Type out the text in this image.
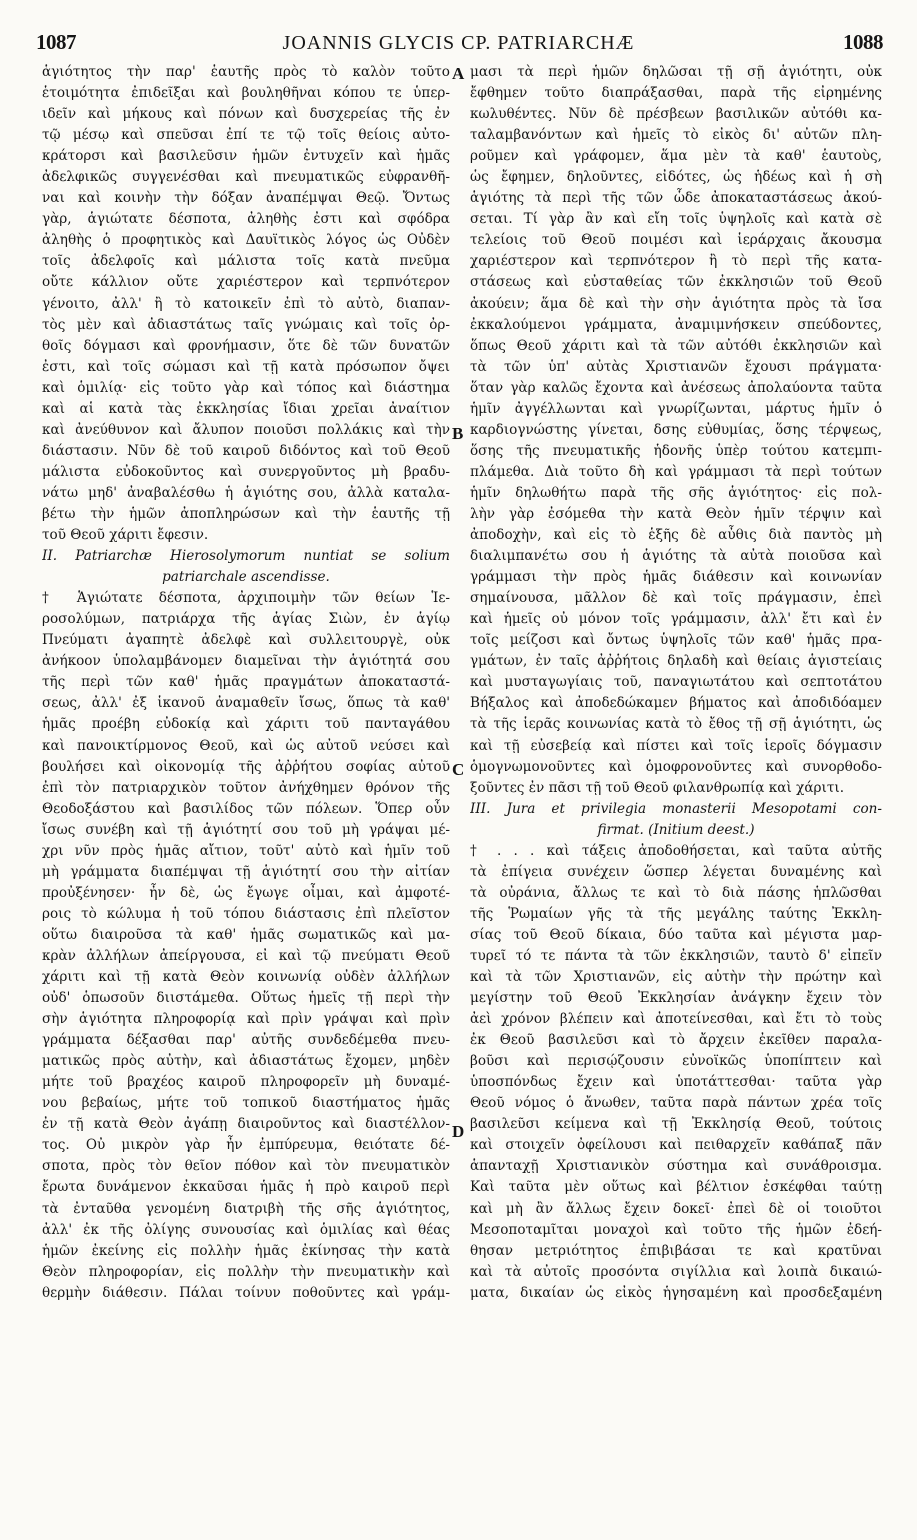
1087	JOANNIS GLYCIS CP. PATRIARCHÆ	1088
A
B
C
D
ἁγιότητος τὴν παρ' ἑαυτῆς πρὸς τὸ καλὸν τοῦτο
ἑτοιμότητα ἐπιδεῖξαι καὶ βουληθῆναι κόπου τε ὑπερ-
ιδεῖν καὶ μήκους καὶ πόνων καὶ δυσχερείας τῆς ἐν
τῷ μέσῳ καὶ σπεῦσαι ἐπί τε τῷ τοῖς θείοις αὐτο-
κράτορσι καὶ βασιλεῦσιν ἡμῶν ἐντυχεῖν καὶ ἡμᾶς
ἀδελφικῶς συγγενέσθαι καὶ πνευματικῶς εὐφρανθῆ-
ναι καὶ κοινὴν τὴν δόξαν ἀναπέμψαι Θεῷ. Ὄντως
γὰρ, ἁγιώτατε δέσποτα, ἀληθὴς ἐστι καὶ σφόδρα
ἀληθὴς ὁ προφητικὸς καὶ Δαυϊτικὸς λόγος ὡς Οὐδὲν
τοῖς ἀδελφοῖς καὶ μάλιστα τοῖς κατὰ πνεῦμα
οὔτε κάλλιον οὔτε χαριέστερον καὶ τερπνότερον
γένοιτο, ἀλλ' ἢ τὸ κατοικεῖν ἐπὶ τὸ αὐτὸ, διαπαν-
τὸς μὲν καὶ ἀδιαστάτως ταῖς γνώμαις καὶ τοῖς ὀρ-
θοῖς δόγμασι καὶ φρονήμασιν, ὅτε δὲ τῶν δυνατῶν
ἐστι, καὶ τοῖς σώμασι καὶ τῇ κατὰ πρόσωπον ὄψει
καὶ ὁμιλίᾳ· εἰς τοῦτο γὰρ καὶ τόπος καὶ διάστημα
καὶ αἱ κατὰ τὰς ἐκκλησίας ἴδιαι χρεῖαι ἀναίτιον
καὶ ἀνεύθυνον καὶ ἄλυπον ποιοῦσι πολλάκις καὶ τὴν
διάστασιν. Νῦν δὲ τοῦ καιροῦ διδόντος καὶ τοῦ Θεοῦ
μάλιστα εὐδοκοῦντος καὶ συνεργοῦντος μὴ βραδυ-
νάτω μηδ' ἀναβαλέσθω ἡ ἁγιότης σου, ἀλλὰ καταλα-
βέτω τὴν ἡμῶν ἀποπληρώσων καὶ τὴν ἑαυτῆς τῇ
τοῦ Θεοῦ χάριτι ἔφεσιν.
II. Patriarchæ Hierosolymorum nuntiat se solium
patriarchale ascendisse.
† Ἁγιώτατε δέσποτα, ἀρχιποιμὴν τῶν θείων Ἱε-
ροσολύμων, πατριάρχα τῆς ἁγίας Σιὼν, ἐν ἁγίῳ
Πνεύματι ἀγαπητὲ ἀδελφὲ καὶ συλλειτουργὲ, οὐκ
ἀνήκοον ὑπολαμβάνομεν διαμεῖναι τὴν ἁγιότητά σου
τῆς περὶ τῶν καθ' ἡμᾶς πραγμάτων ἀποκαταστά-
σεως, ἀλλ' ἐξ ἱκανοῦ ἀναμαθεῖν ἴσως, ὅπως τὰ καθ'
ἡμᾶς προέβη εὐδοκίᾳ καὶ χάριτι τοῦ πανταγάθου
καὶ πανοικτίρμονος Θεοῦ, καὶ ὡς αὐτοῦ νεύσει καὶ
βουλήσει καὶ οἰκονομίᾳ τῆς ἀῤῥήτου σοφίας αὐτοῦ
ἐπὶ τὸν πατριαρχικὸν τοῦτον ἀνήχθημεν θρόνον τῆς
Θεοδοξάστου καὶ βασιλίδος τῶν πόλεων. Ὅπερ οὖν
ἴσως συνέβη καὶ τῇ ἁγιότητί σου τοῦ μὴ γράψαι μέ-
χρι νῦν πρὸς ἡμᾶς αἴτιον, τοῦτ' αὐτὸ καὶ ἡμῖν τοῦ
μὴ γράμματα διαπέμψαι τῇ ἁγιότητί σου τὴν αἰτίαν
προὐξένησεν· ἦν δὲ, ὡς ἔγωγε οἶμαι, καὶ ἀμφοτέ-
ροις τὸ κώλυμα ἡ τοῦ τόπου διάστασις ἐπὶ πλεῖστον
οὕτω διαιροῦσα τὰ καθ' ἡμᾶς σωματικῶς καὶ μα-
κρὰν ἀλλήλων ἀπείργουσα, εἰ καὶ τῷ πνεύματι Θεοῦ
χάριτι καὶ τῇ κατὰ Θεὸν κοινωνίᾳ οὐδὲν ἀλλήλων
οὐδ' ὁπωσοῦν διιστάμεθα. Οὕτως ἡμεῖς τῇ περὶ τὴν
σὴν ἁγιότητα πληροφορίᾳ καὶ πρὶν γράψαι καὶ πρὶν
γράμματα δέξασθαι παρ' αὐτῆς συνδεδέμεθα πνευ-
ματικῶς πρὸς αὐτὴν, καὶ ἀδιαστάτως ἔχομεν, μηδὲν
μήτε τοῦ βραχέος καιροῦ πληροφορεῖν μὴ δυναμέ-
νου βεβαίως, μήτε τοῦ τοπικοῦ διαστήματος ἡμᾶς
ἐν τῇ κατὰ Θεὸν ἀγάπῃ διαιροῦντος καὶ διαστέλλον-
τος. Οὐ μικρὸν γὰρ ἦν ἐμπύρευμα, θειότατε δέ-
σποτα, πρὸς τὸν θεῖον πόθον καὶ τὸν πνευματικὸν
ἔρωτα δυνάμενον ἐκκαῦσαι ἡμᾶς ἡ πρὸ καιροῦ περὶ
τὰ ἐνταῦθα γενομένη διατριβὴ τῆς σῆς ἁγιότητος,
ἀλλ' ἐκ τῆς ὀλίγης συνουσίας καὶ ὁμιλίας καὶ θέας
ἡμῶν ἐκείνης εἰς πολλὴν ἡμᾶς ἐκίνησας τὴν κατὰ
Θεὸν πληροφορίαν, εἰς πολλὴν τὴν πνευματικὴν καὶ
θερμὴν διάθεσιν. Πάλαι τοίνυν ποθοῦντες καὶ γράμ-
μασι τὰ περὶ ἡμῶν δηλῶσαι τῇ σῇ ἁγιότητι, οὐκ
ἔφθημεν τοῦτο διαπράξασθαι, παρὰ τῆς εἰρημένης
κωλυθέντες. Νῦν δὲ πρέσβεων βασιλικῶν αὐτόθι κα-
ταλαμβανόντων καὶ ἡμεῖς τὸ εἰκὸς δι' αὐτῶν πλη-
ροῦμεν καὶ γράφομεν, ἅμα μὲν τὰ καθ' ἑαυτοὺς,
ὡς ἔφημεν, δηλοῦντες, εἰδότες, ὡς ἡδέως καὶ ἡ σὴ
ἁγιότης τὰ περὶ τῆς τῶν ὧδε ἀποκαταστάσεως ἀκού-
σεται. Τί γὰρ ἂν καὶ εἴη τοῖς ὑψηλοῖς καὶ κατὰ σὲ
τελείοις τοῦ Θεοῦ ποιμέσι καὶ ἱεράρχαις ἄκουσμα
χαριέστερον καὶ τερπνότερον ἢ τὸ περὶ τῆς κατα-
στάσεως καὶ εὐσταθείας τῶν ἐκκλησιῶν τοῦ Θεοῦ
ἀκούειν; ἅμα δὲ καὶ τὴν σὴν ἁγιότητα πρὸς τὰ ἴσα
ἐκκαλούμενοι γράμματα, ἀναμιμνήσκειν σπεύδοντες,
ὅπως Θεοῦ χάριτι καὶ τὰ τῶν αὐτόθι ἐκκλησιῶν καὶ
τὰ τῶν ὑπ' αὐτὰς Χριστιανῶν ἔχουσι πράγματα·
ὅταν γὰρ καλῶς ἔχοντα καὶ ἀνέσεως ἀπολαύοντα ταῦτα
ἡμῖν ἀγγέλλωνται καὶ γνωρίζωνται, μάρτυς ἡμῖν ὁ
καρδιογνώστης γίνεται, δσης εὐθυμίας, ὅσης τέρψεως,
ὅσης τῆς πνευματικῆς ἡδονῆς ὑπὲρ τούτου κατεμπι-
πλάμεθα. Διὰ τοῦτο δὴ καὶ γράμμασι τὰ περὶ τούτων
ἡμῖν δηλωθήτω παρὰ τῆς σῆς ἁγιότητος· εἰς πολ-
λὴν γὰρ ἐσόμεθα τὴν κατὰ Θεὸν ἡμῖν τέρψιν καὶ
ἀποδοχὴν, καὶ εἰς τὸ ἑξῆς δὲ αὖθις διὰ παντὸς μὴ
διαλιμπανέτω σου ἡ ἁγιότης τὰ αὐτὰ ποιοῦσα καὶ
γράμμασι τὴν πρὸς ἡμᾶς διάθεσιν καὶ κοινωνίαν
σημαίνουσα, μᾶλλον δὲ καὶ τοῖς πράγμασιν, ἐπεὶ
καὶ ἡμεῖς οὐ μόνον τοῖς γράμμασιν, ἀλλ' ἔτι καὶ ἐν
τοῖς μείζοσι καὶ ὄντως ὑψηλοῖς τῶν καθ' ἡμᾶς πρα-
γμάτων, ἐν ταῖς ἀῤῥήτοις δηλαδὴ καὶ θείαις ἁγιστείαις
καὶ μυσταγωγίαις τοῦ, παναγιωτάτου καὶ σεπτοτάτου
Βήξαλος καὶ ἀποδεδώκαμεν βήματος καὶ ἀποδιδόαμεν
τὰ τῆς ἱερᾶς κοινωνίας κατὰ τὸ ἔθος τῇ σῇ ἁγιότητι, ὡς
καὶ τῇ εὐσεβείᾳ καὶ πίστει καὶ τοῖς ἱεροῖς δόγμασιν
ὁμογνωμονοῦντες καὶ ὁμοφρονοῦντες καὶ συνορθοδο-
ξοῦντες ἐν πᾶσι τῇ τοῦ Θεοῦ φιλανθρωπίᾳ καὶ χάριτι.
III. Jura et privilegia monasterii Mesopotami con-
firmat. (Initium deest.)
† . . . καὶ τάξεις ἀποδοθήσεται, καὶ ταῦτα αὐτῆς
τὰ ἐπίγεια συνέχειν ὥσπερ λέγεται δυναμένης καὶ
τὰ οὐράνια, ἄλλως τε καὶ τὸ διὰ πάσης ἡπλῶσθαι
τῆς Ῥωμαίων γῆς τὰ τῆς μεγάλης ταύτης Ἐκκλη-
σίας τοῦ Θεοῦ δίκαια, δύο ταῦτα καὶ μέγιστα μαρ-
τυρεῖ τό τε πάντα τὰ τῶν ἐκκλησιῶν, ταυτὸ δ' εἰπεῖν
καὶ τὰ τῶν Χριστιανῶν, εἰς αὐτὴν τὴν πρώτην καὶ
μεγίστην τοῦ Θεοῦ Ἐκκλησίαν ἀνάγκην ἔχειν τὸν
ἀεὶ χρόνον βλέπειν καὶ ἀποτείνεσθαι, καὶ ἔτι τὸ τοὺς
ἐκ Θεοῦ βασιλεῦσι καὶ τὸ ἄρχειν ἐκεῖθεν παραλα-
βοῦσι καὶ περισῴζουσιν εὐνοϊκῶς ὑποπίπτειν καὶ
ὑποσπόνδως ἔχειν καὶ ὑποτάττεσθαι· ταῦτα γὰρ
Θεοῦ νόμος ὁ ἄνωθεν, ταῦτα παρὰ πάντων χρέα τοῖς
βασιλεῦσι κείμενα καὶ τῇ Ἐκκλησίᾳ Θεοῦ, τούτοις
καὶ στοιχεῖν ὀφείλουσι καὶ πειθαρχεῖν καθάπαξ πᾶν
ἁπανταχῇ Χριστιανικὸν σύστημα καὶ συνάθροισμα.
Καὶ ταῦτα μὲν οὕτως καὶ βέλτιον ἐσκέφθαι ταύτῃ
καὶ μὴ ἂν ἄλλως ἔχειν δοκεῖ· ἐπεὶ δὲ οἱ τοιοῦτοι
Μεσοποταμῖται μοναχοὶ καὶ τοῦτο τῆς ἡμῶν ἐδεή-
θησαν μετριότητος ἐπιβιβάσαι τε καὶ κρατῦναι
καὶ τὰ αὐτοῖς προσόντα σιγίλλια καὶ λοιπὰ δικαιώ-
ματα, δικαίαν ὡς εἰκὸς ἡγησαμένη καὶ προσδεξαμένη
